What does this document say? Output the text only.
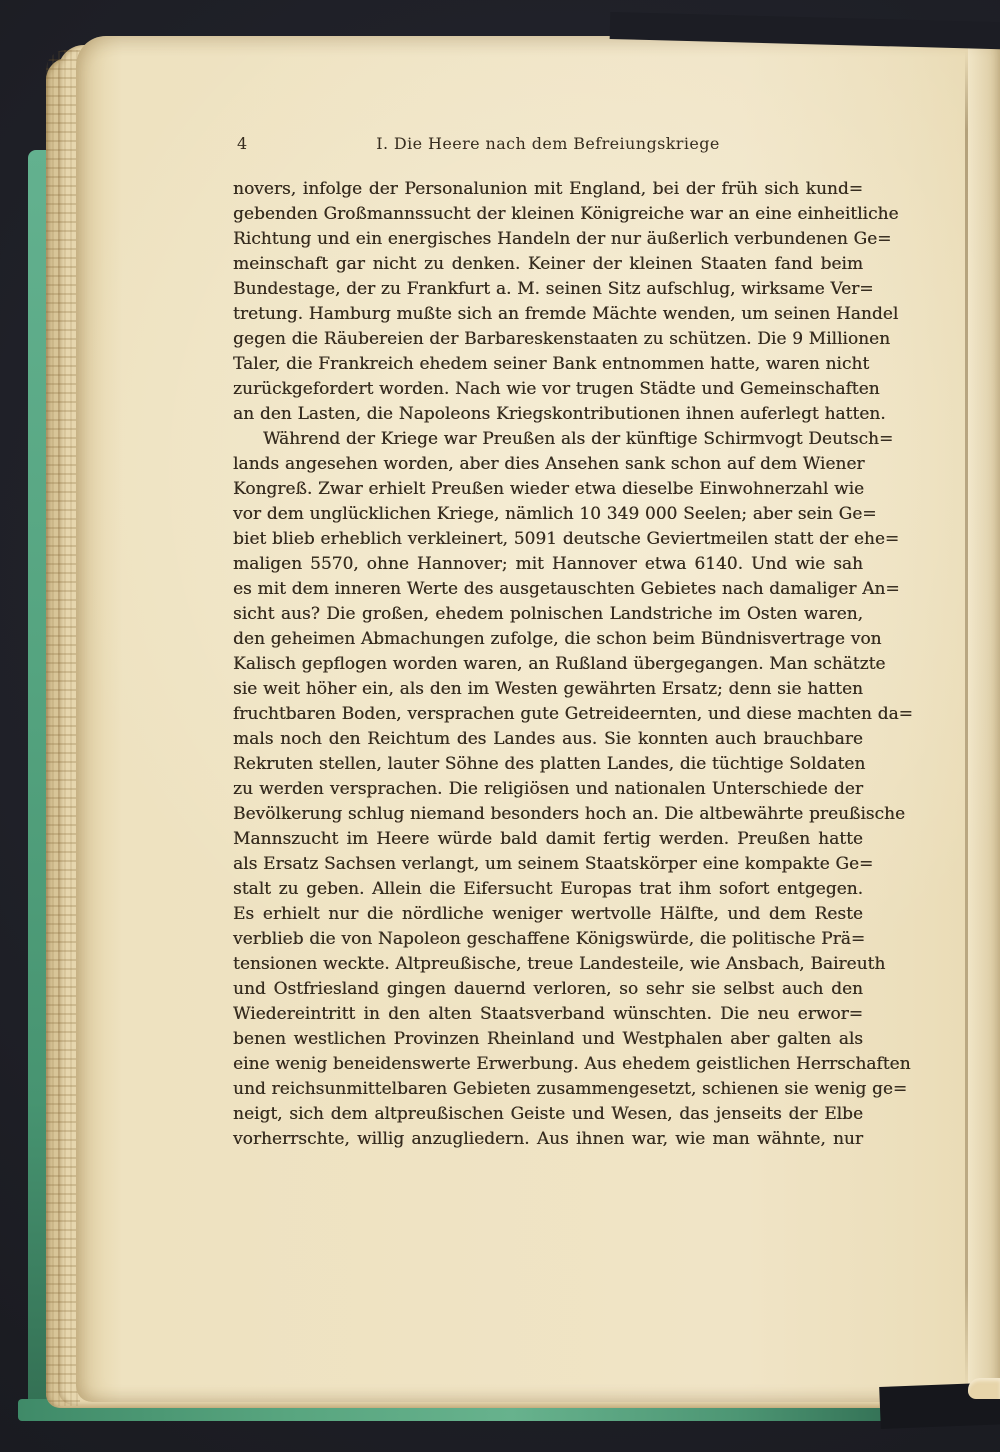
4	I. Die Heere nach dem Befreiungskriege
novers, infolge der Personalunion mit England, bei der früh sich kund=
gebenden Großmannssucht der kleinen Königreiche war an eine einheitliche
Richtung und ein energisches Handeln der nur äußerlich verbundenen Ge=
meinschaft gar nicht zu denken. Keiner der kleinen Staaten fand beim
Bundestage, der zu Frankfurt a. M. seinen Sitz aufschlug, wirksame Ver=
tretung. Hamburg mußte sich an fremde Mächte wenden, um seinen Handel
gegen die Räubereien der Barbareskenstaaten zu schützen. Die 9 Millionen
Taler, die Frankreich ehedem seiner Bank entnommen hatte, waren nicht
zurückgefordert worden. Nach wie vor trugen Städte und Gemeinschaften
an den Lasten, die Napoleons Kriegskontributionen ihnen auferlegt hatten.
Während der Kriege war Preußen als der künftige Schirmvogt Deutsch=
lands angesehen worden, aber dies Ansehen sank schon auf dem Wiener
Kongreß. Zwar erhielt Preußen wieder etwa dieselbe Einwohnerzahl wie
vor dem unglücklichen Kriege, nämlich 10 349 000 Seelen; aber sein Ge=
biet blieb erheblich verkleinert, 5091 deutsche Geviertmeilen statt der ehe=
maligen 5570, ohne Hannover; mit Hannover etwa 6140. Und wie sah
es mit dem inneren Werte des ausgetauschten Gebietes nach damaliger An=
sicht aus? Die großen, ehedem polnischen Landstriche im Osten waren,
den geheimen Abmachungen zufolge, die schon beim Bündnisvertrage von
Kalisch gepflogen worden waren, an Rußland übergegangen. Man schätzte
sie weit höher ein, als den im Westen gewährten Ersatz; denn sie hatten
fruchtbaren Boden, versprachen gute Getreideernten, und diese machten da=
mals noch den Reichtum des Landes aus. Sie konnten auch brauchbare
Rekruten stellen, lauter Söhne des platten Landes, die tüchtige Soldaten
zu werden versprachen. Die religiösen und nationalen Unterschiede der
Bevölkerung schlug niemand besonders hoch an. Die altbewährte preußische
Mannszucht im Heere würde bald damit fertig werden. Preußen hatte
als Ersatz Sachsen verlangt, um seinem Staatskörper eine kompakte Ge=
stalt zu geben. Allein die Eifersucht Europas trat ihm sofort entgegen.
Es erhielt nur die nördliche weniger wertvolle Hälfte, und dem Reste
verblieb die von Napoleon geschaffene Königswürde, die politische Prä=
tensionen weckte. Altpreußische, treue Landesteile, wie Ansbach, Baireuth
und Ostfriesland gingen dauernd verloren, so sehr sie selbst auch den
Wiedereintritt in den alten Staatsverband wünschten. Die neu erwor=
benen westlichen Provinzen Rheinland und Westphalen aber galten als
eine wenig beneidenswerte Erwerbung. Aus ehedem geistlichen Herrschaften
und reichsunmittelbaren Gebieten zusammengesetzt, schienen sie wenig ge=
neigt, sich dem altpreußischen Geiste und Wesen, das jenseits der Elbe
vorherrschte, willig anzugliedern. Aus ihnen war, wie man wähnte, nur
